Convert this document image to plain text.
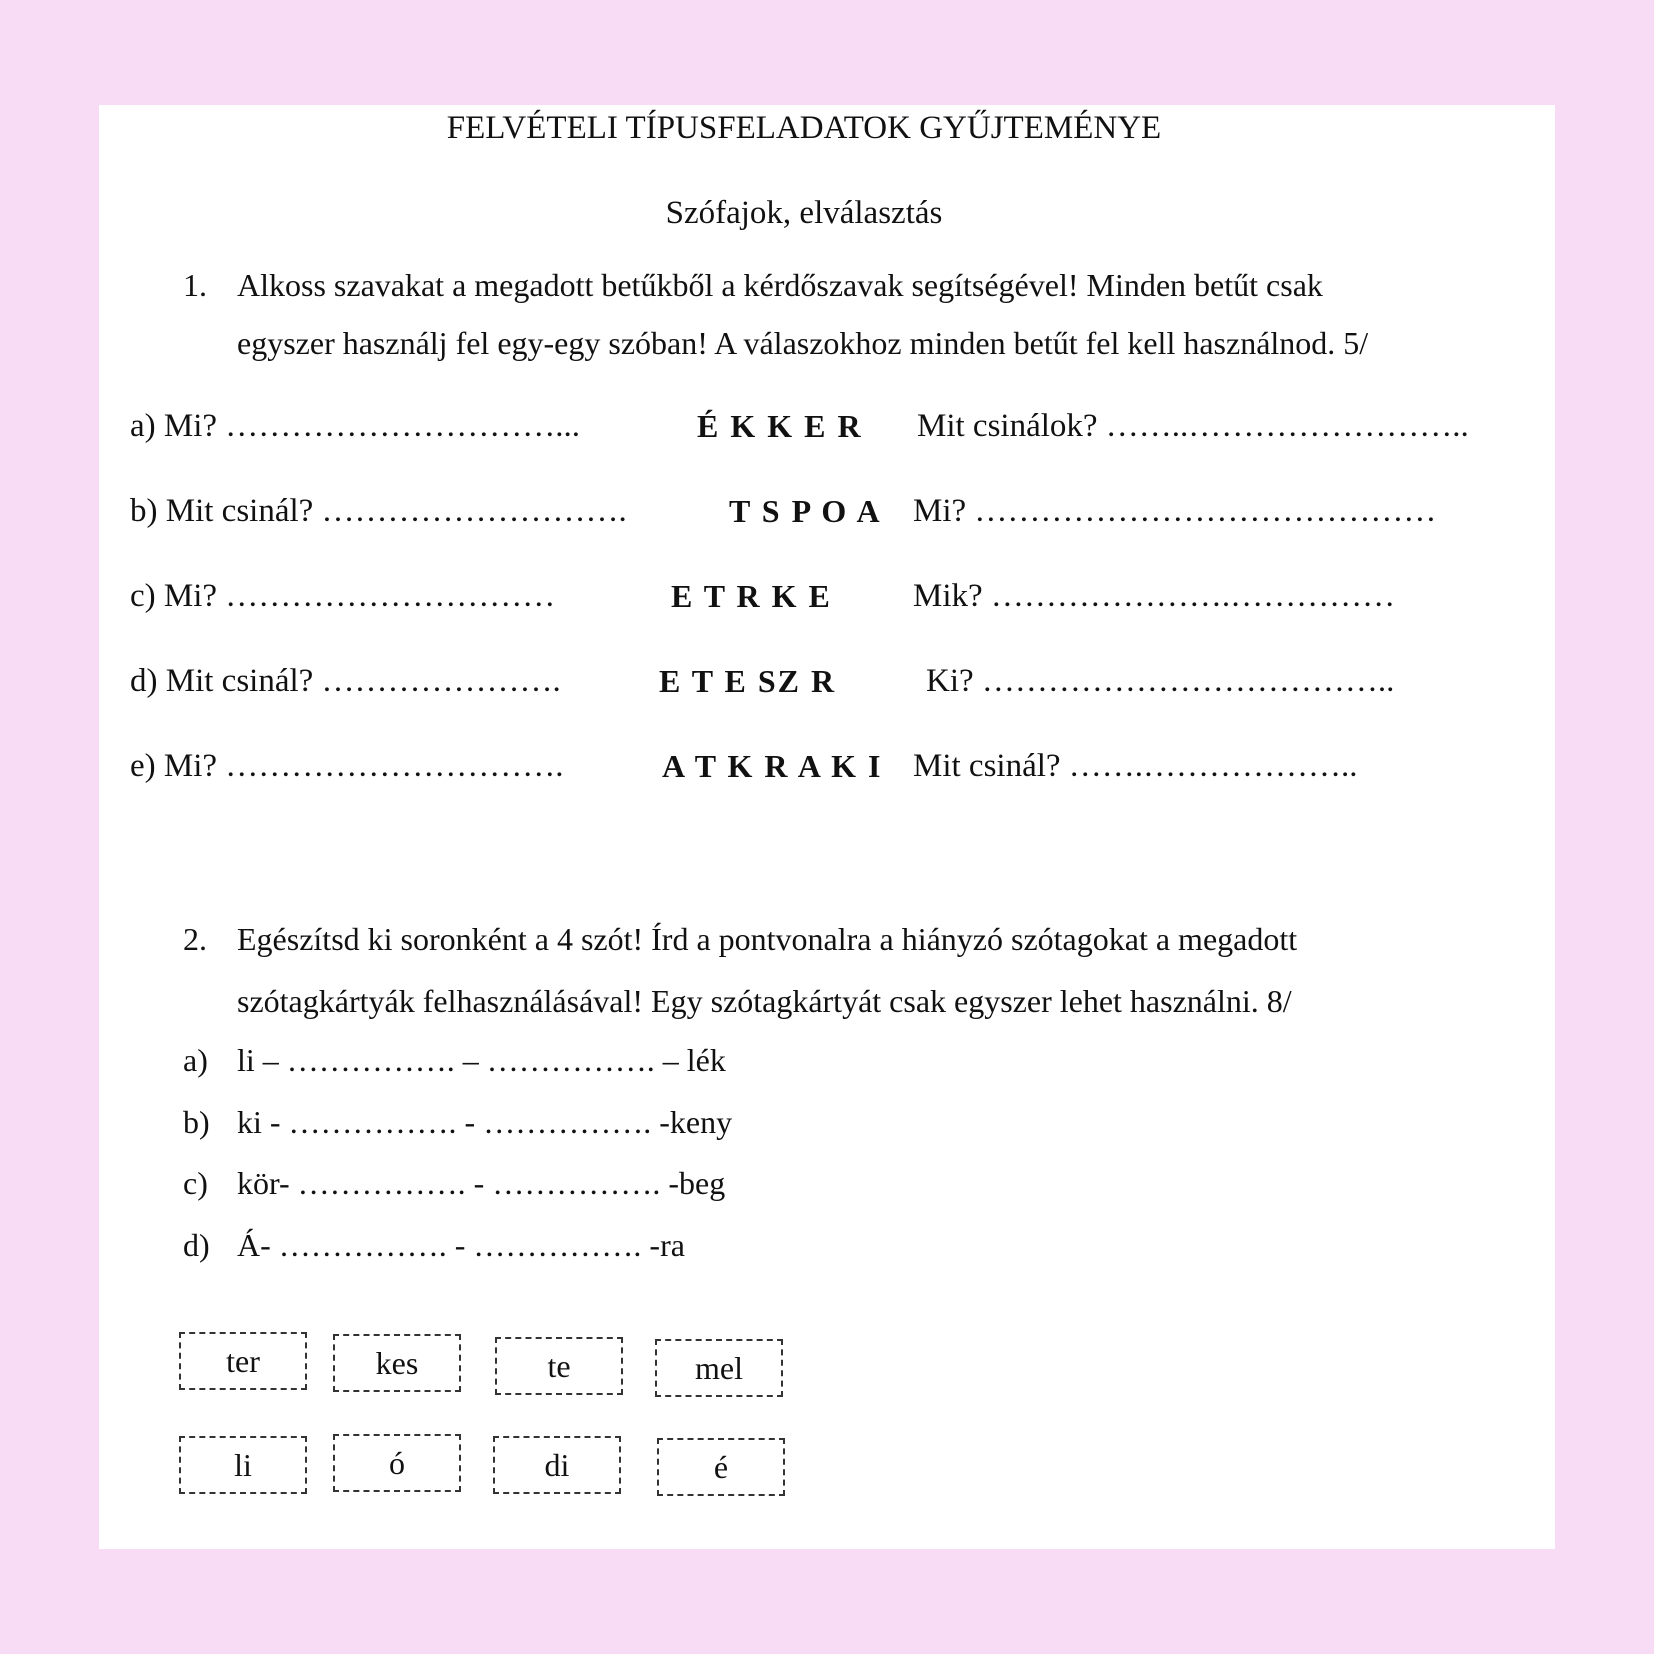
FELVÉTELI TÍPUSFELADATOK GYŰJTEMÉNYE
Szófajok, elválasztás
1. Alkoss szavakat a megadott betűkből a kérdőszavak segítségével! Minden betűt csak
egyszer használj fel egy-egy szóban! A válaszokhoz minden betűt fel kell használnod. 5/
a) Mi? …………………………...	É K K E R Mit csinálok? ……..……………………..
b) Mit csinál? ……………………….	T S P O A Mi? ……………………………………
c) Mi? …………………………	E T R K E Mik? ………………….……………
d) Mit csinál? ………………….	E T E SZ R	Ki? ………………………………..
e) Mi? ………………………….	A T K R A K I Mit csinál? …….………………..
2. Egészítsd ki soronként a 4 szót! Írd a pontvonalra a hiányzó szótagokat a megadott
szótagkártyák felhasználásával! Egy szótagkártyát csak egyszer lehet használni. 8/
a) li – ……………. – ……………. – lék
b) ki - ……………. - ……………. -keny
c) kör- ……………. - ……………. -beg
d) Á- ……………. - ……………. -ra
ter	kes	te	mel
li	ó	di	é
